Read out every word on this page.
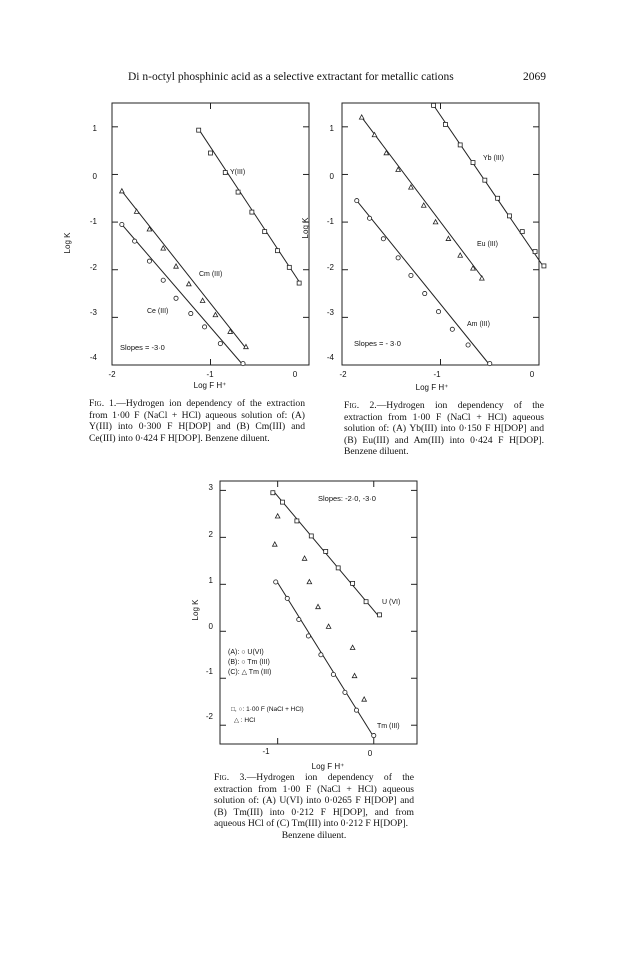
Di n-octyl phosphinic acid as a selective extractant for metallic cations	2069
Log K
Log F H⁺
-2	-1	0
1
0
-1
-2
-3
-4
Y(III)
Cm (III)
Ce (III)
Slopes = -3·0
Log K
Log F H⁺
-2	-1	0
1
0
-1
-2
-3
-4
Yb (III)
Eu (III)
Am (III)
Slopes = - 3·0
Log K
Log F H⁺
-1	0
3
2
1
0
-1
-2
Slopes: -2·0, -3·0
U (VI)
Tm (III)
(A): ○ U(VI)
(B): ○ Tm (III)
(C): △ Tm (III)
□, ○: 1·00 F (NaCl + HCl)
△ : HCl
Fig. 1.—Hydrogen ion dependency of the extraction from 1·00 F (NaCl + HCl) aqueous solution of: (A) Y(III) into 0·300 F H[DOP] and (B) Cm(III) and Ce(III) into 0·424 F H[DOP]. Benzene diluent.
Fig. 2.—Hydrogen ion dependency of the extraction from 1·00 F (NaCl + HCl) aqueous solution of: (A) Yb(III) into 0·150 F H[DOP] and (B) Eu(III) and Am(III) into 0·424 F H[DOP]. Benzene diluent.
Fig. 3.—Hydrogen ion dependency of the extraction from 1·00 F (NaCl + HCl) aqueous solution of: (A) U(VI) into 0·0265 F H[DOP] and (B) Tm(III) into 0·212 F H[DOP], and from aqueous HCl of (C) Tm(III) into 0·212 F H[DOP].
Benzene diluent.
